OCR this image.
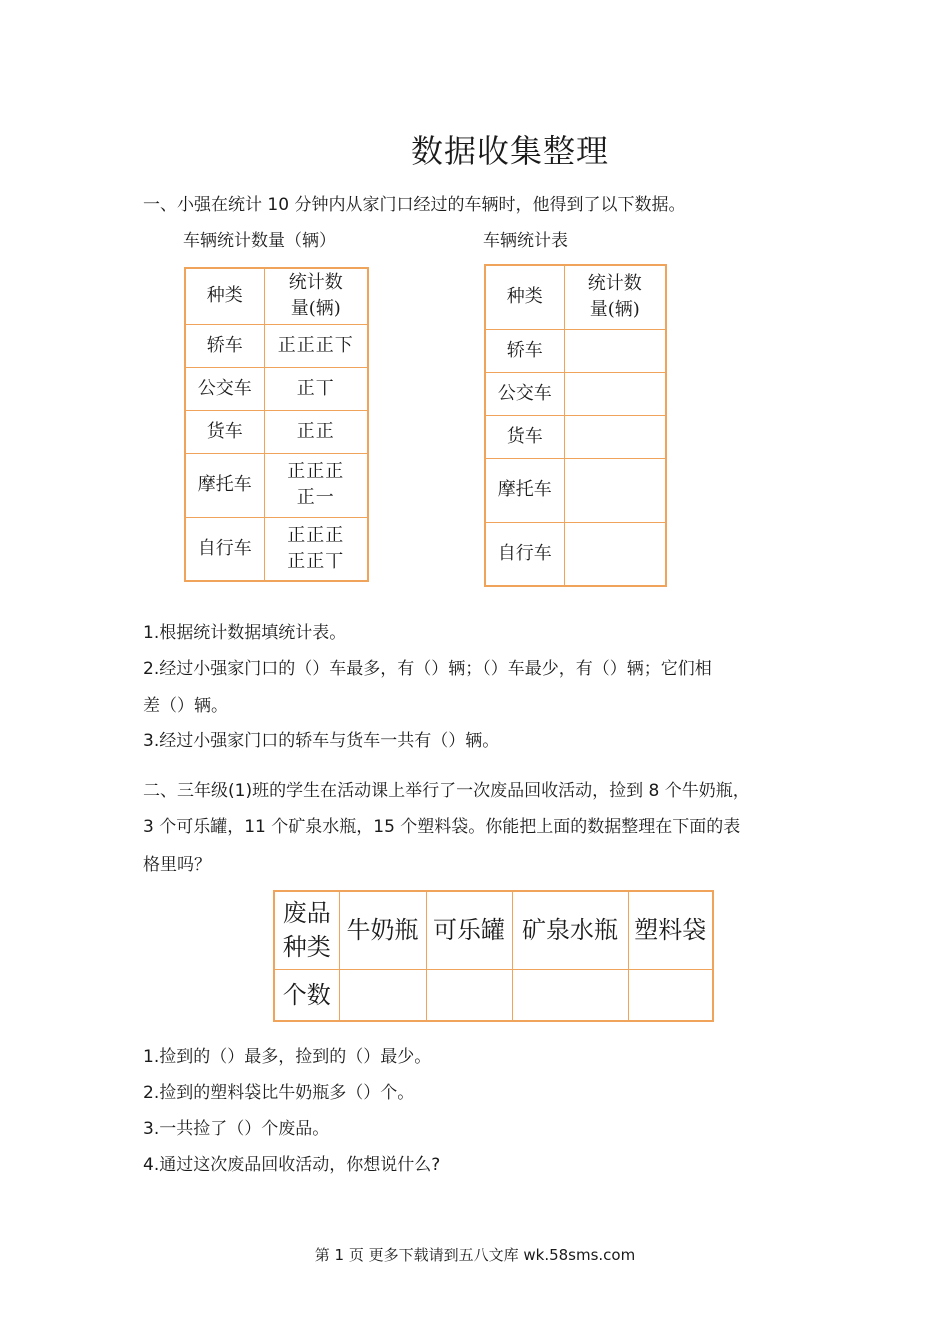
数据收集整理
一、小强在统计 10 分钟内从家门口经过的车辆时，他得到了以下数据。
车辆统计数量（辆）	车辆统计表
种类	统计数
量(辆)

轿车	正正正下
公交车	正丅
货车	正正
摩托车	正正正
正一

自行车	正正正
正正丅
种类	统计数
量(辆)

轿车	
公交车	
货车	
摩托车	
自行车	
1.根据统计数据填统计表。
2.经过小强家门口的（）车最多，有（）辆；（）车最少，有（）辆；它们相
差（）辆。
3.经过小强家门口的轿车与货车一共有（）辆。
二、三年级(1)班的学生在活动课上举行了一次废品回收活动，捡到 8 个牛奶瓶，
3 个可乐罐，11 个矿泉水瓶，15 个塑料袋。你能把上面的数据整理在下面的表
格里吗？
废品
种类	牛奶瓶	可乐罐	矿泉水瓶	塑料袋
个数				
1.捡到的（）最多，捡到的（）最少。
2.捡到的塑料袋比牛奶瓶多（）个。
3.一共捡了（）个废品。
4.通过这次废品回收活动，你想说什么?
第 1 页 更多下载请到五八文库 wk.58sms.com
